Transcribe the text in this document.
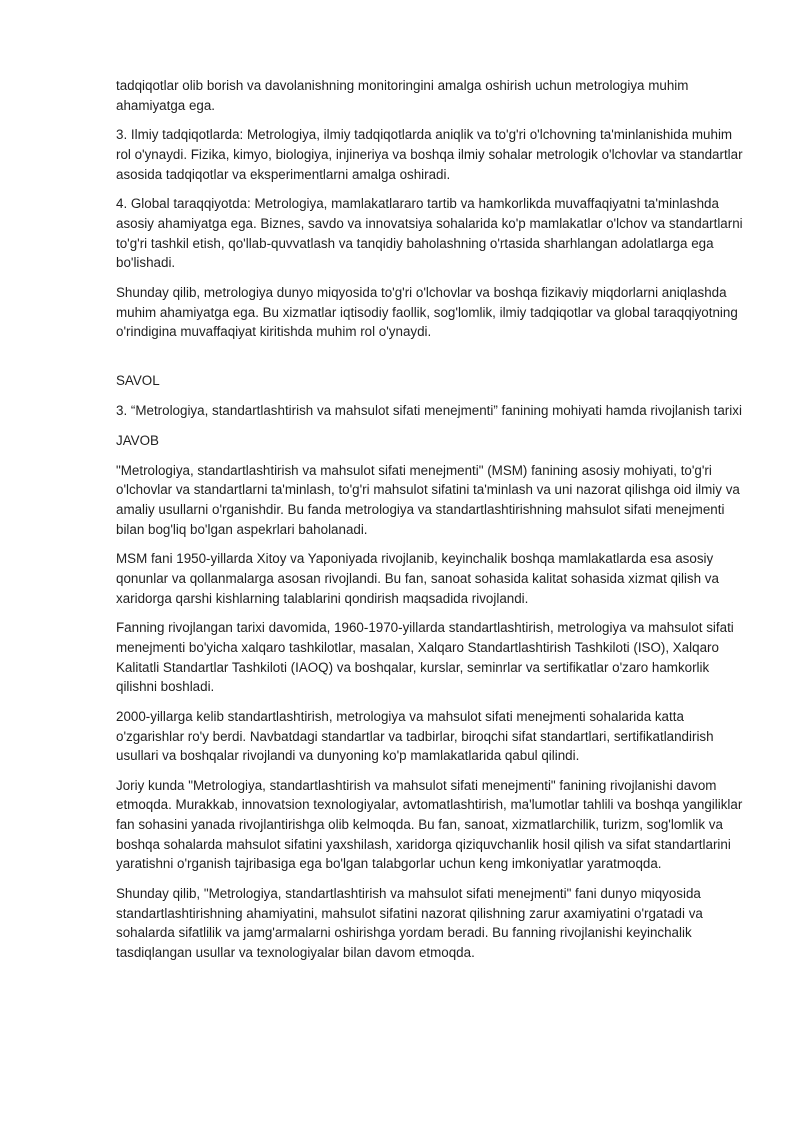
tadqiqotlar olib borish va davolanishning monitoringini amalga oshirish uchun metrologiya muhim ahamiyatga ega.

3. Ilmiy tadqiqotlarda: Metrologiya, ilmiy tadqiqotlarda aniqlik va to'g'ri o'lchovning ta'minlanishida muhim rol o'ynaydi. Fizika, kimyo, biologiya, injineriya va boshqa ilmiy sohalar metrologik o'lchovlar va standartlar asosida tadqiqotlar va eksperimentlarni amalga oshiradi.

4. Global taraqqiyotda: Metrologiya, mamlakatlararo tartib va hamkorlikda muvaffaqiyatni ta'minlashda asosiy ahamiyatga ega. Biznes, savdo va innovatsiya sohalarida ko'p mamlakatlar o'lchov va standartlarni to'g'ri tashkil etish, qo'llab-quvvatlash va tanqidiy baholashning o'rtasida sharhlangan adolatlarga ega bo'lishadi.

Shunday qilib, metrologiya dunyo miqyosida to'g'ri o'lchovlar va boshqa fizikaviy miqdorlarni aniqlashda muhim ahamiyatga ega. Bu xizmatlar iqtisodiy faollik, sog'lomlik, ilmiy tadqiqotlar va global taraqqiyotning o'rindigina muvaffaqiyat kiritishda muhim rol o'ynaydi.

SAVOL

3. “Metrologiya, standartlashtirish va mahsulot sifati menejmenti” fanining mohiyati hamda rivojlanish tarixi

JAVOB

"Metrologiya, standartlashtirish va mahsulot sifati menejmenti" (MSM) fanining asosiy mohiyati, to'g'ri o'lchovlar va standartlarni ta'minlash, to'g'ri mahsulot sifatini ta'minlash va uni nazorat qilishga oid ilmiy va amaliy usullarni o'rganishdir. Bu fanda metrologiya va standartlashtirishning mahsulot sifati menejmenti bilan bog'liq bo'lgan aspekrlari baholanadi.

MSM fani 1950-yillarda Xitoy va Yaponiyada rivojlanib, keyinchalik boshqa mamlakatlarda esa asosiy qonunlar va qollanmalarga asosan rivojlandi. Bu fan, sanoat sohasida kalitat sohasida xizmat qilish va xaridorga qarshi kishlarning talablarini qondirish maqsadida rivojlandi.

Fanning rivojlangan tarixi davomida, 1960-1970-yillarda standartlashtirish, metrologiya va mahsulot sifati menejmenti bo'yicha xalqaro tashkilotlar, masalan, Xalqaro Standartlashtirish Tashkiloti (ISO), Xalqaro Kalitatli Standartlar Tashkiloti (IAOQ) va boshqalar, kurslar, seminrlar va sertifikatlar o'zaro hamkorlik qilishni boshladi.

2000-yillarga kelib standartlashtirish, metrologiya va mahsulot sifati menejmenti sohalarida katta o'zgarishlar ro'y berdi. Navbatdagi standartlar va tadbirlar, biroqchi sifat standartlari, sertifikatlandirish usullari va boshqalar rivojlandi va dunyoning ko'p mamlakatlarida qabul qilindi.

Joriy kunda "Metrologiya, standartlashtirish va mahsulot sifati menejmenti" fanining rivojlanishi davom etmoqda. Murakkab, innovatsion texnologiyalar, avtomatlashtirish, ma'lumotlar tahlili va boshqa yangiliklar fan sohasini yanada rivojlantirishga olib kelmoqda. Bu fan, sanoat, xizmatlarchilik, turizm, sog'lomlik va boshqa sohalarda mahsulot sifatini yaxshilash, xaridorga qiziquvchanlik hosil qilish va sifat standartlarini yaratishni o'rganish tajribasiga ega bo'lgan talabgorlar uchun keng imkoniyatlar yaratmoqda.

Shunday qilib, "Metrologiya, standartlashtirish va mahsulot sifati menejmenti" fani dunyo miqyosida standartlashtirishning ahamiyatini, mahsulot sifatini nazorat qilishning zarur axamiyatini o'rgatadi va sohalarda sifatlilik va jamg'armalarni oshirishga yordam beradi. Bu fanning rivojlanishi keyinchalik tasdiqlangan usullar va texnologiyalar bilan davom etmoqda.
